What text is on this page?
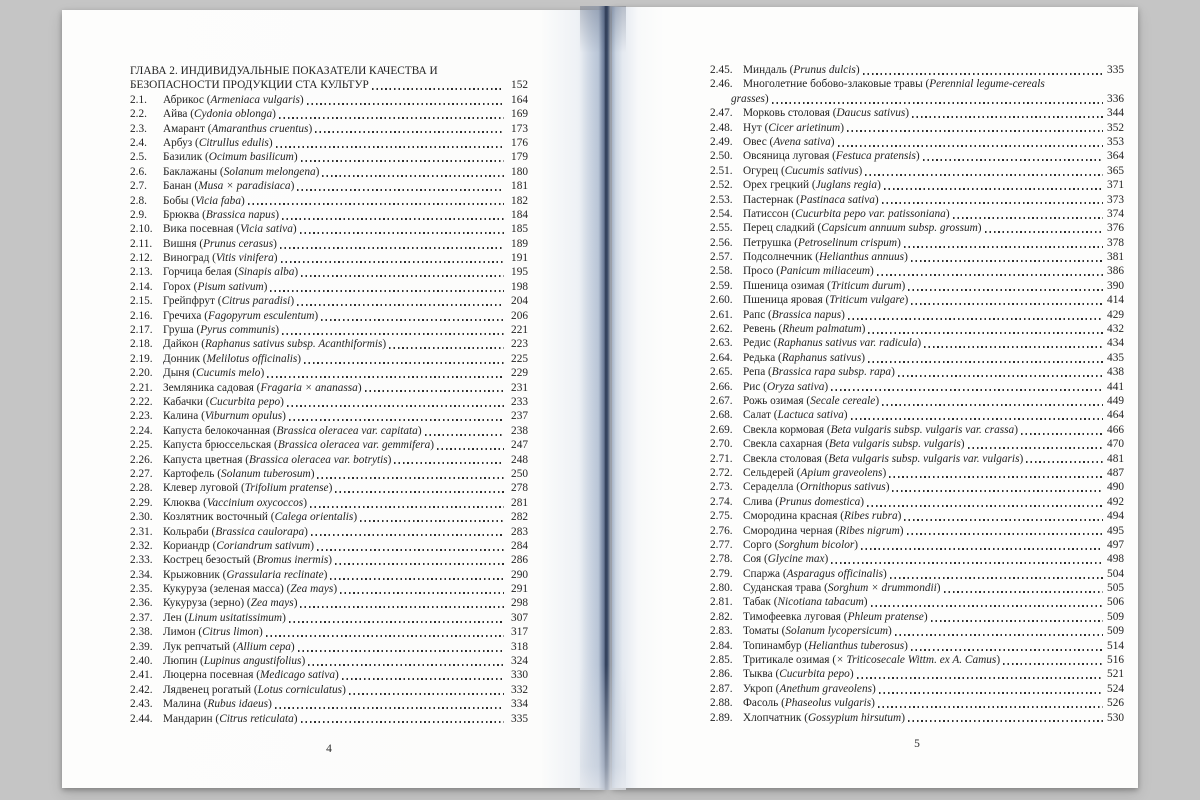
ГЛАВА 2. ИНДИВИДУАЛЬНЫЕ ПОКАЗАТЕЛИ КАЧЕСТВА И
БЕЗОПАСНОСТИ ПРОДУКЦИИ СТА КУЛЬТУР	152
2.1.	Абрикос (Armeniaca vulgaris)	164
2.2.	Айва (Cydonia oblonga)	169
2.3.	Амарант (Amaranthus cruentus)	173
2.4.	Арбуз (Citrullus edulis)	176
2.5.	Базилик (Ocimum basilicum)	179
2.6.	Баклажаны (Solanum melongena)	180
2.7.	Банан (Musa × paradisiaca)	181
2.8.	Бобы (Vicia faba)	182
2.9.	Брюква (Brassica napus)	184
2.10. Вика посевная (Vicia sativa)	185
2.11. Вишня (Prunus cerasus)	189
2.12. Виноград (Vitis vinifera)	191
2.13. Горчица белая (Sinapis alba)	195
2.14. Горох (Pisum sativum)	198
2.15. Грейпфрут (Citrus paradisi)	204
2.16. Гречиха (Fagopyrum esculentum)	206
2.17. Груша (Pyrus communis)	221
2.18. Дайкон (Raphanus sativus subsp. Acanthiformis)	223
2.19. Донник (Melilotus officinalis)	225
2.20. Дыня (Cucumis melo)	229
2.21. Земляника садовая (Fragaria × ananassa)	231
2.22. Кабачки (Cucurbita pepo)	233
2.23. Калина (Viburnum opulus)	237
2.24. Капуста белокочанная (Brassica oleracea var. capitata)	238
2.25. Капуста брюссельская (Brassica oleracea var. gemmifera)	247
2.26. Капуста цветная (Brassica oleracea var. botrytis)	248
2.27. Картофель (Solanum tuberosum)	250
2.28. Клевер луговой (Trifolium pratense)	278
2.29. Клюква (Vaccinium oxycoccos)	281
2.30. Козлятник восточный (Calega orientalis)	282
2.31. Кольраби (Brassica caulorapa)	283
2.32. Кориандр (Coriandrum sativum)	284
2.33. Кострец безостый (Bromus inermis)	286
2.34. Крыжовник (Grassularia reclinate)	290
2.35. Кукуруза (зеленая масса) (Zea mays)	291
2.36. Кукуруза (зерно) (Zea mays)	298
2.37. Лен (Linum usitatissimum)	307
2.38. Лимон (Citrus limon)	317
2.39. Лук репчатый (Allium cepa)	318
2.40. Люпин (Lupinus angustifolius)	324
2.41. Люцерна посевная (Medicago sativa)	330
2.42. Лядвенец рогатый (Lotus corniculatus)	332
2.43. Малина (Rubus idaeus)	334
2.44. Мандарин (Citrus reticulata)	335
4
2.45. Миндаль (Prunus dulcis)	335
2.46. Многолетние бобово-злаковые травы (Perennial legume-cereals
grasses)	336
2.47. Морковь столовая (Daucus sativus)	344
2.48. Нут (Cicer arietinum)	352
2.49. Овес (Avena sativa)	353
2.50. Овсяница луговая (Festuca pratensis)	364
2.51. Огурец (Cucumis sativus)	365
2.52. Орех грецкий (Juglans regia)	371
2.53. Пастернак (Pastinaca sativa)	373
2.54. Патиссон (Cucurbita pepo var. patissoniana)	374
2.55. Перец сладкий (Capsicum annuum subsp. grossum)	376
2.56. Петрушка (Petroselinum crispum)	378
2.57. Подсолнечник (Helianthus annuus)	381
2.58. Просо (Panicum miliaceum)	386
2.59. Пшеница озимая (Triticum durum)	390
2.60. Пшеница яровая (Triticum vulgare)	414
2.61. Рапс (Brassica napus)	429
2.62. Ревень (Rheum palmatum)	432
2.63. Редис (Raphanus sativus var. radicula)	434
2.64. Редька (Raphanus sativus)	435
2.65. Репа (Brassica rapa subsp. rapa)	438
2.66. Рис (Oryza sativa)	441
2.67. Рожь озимая (Secale cereale)	449
2.68. Салат (Lactuca sativa)	464
2.69. Свекла кормовая (Beta vulgaris subsp. vulgaris var. crassa)	466
2.70. Свекла сахарная (Beta vulgaris subsp. vulgaris)	470
2.71. Свекла столовая (Beta vulgaris subsp. vulgaris var. vulgaris)	481
2.72. Сельдерей (Apium graveolens)	487
2.73. Сераделла (Ornithopus sativus)	490
2.74. Слива (Prunus domestica)	492
2.75. Смородина красная (Ribes rubra)	494
2.76. Смородина черная (Ribes nigrum)	495
2.77. Сорго (Sorghum bicolor)	497
2.78. Соя (Glycine max)	498
2.79. Спаржа (Asparagus officinalis)	504
2.80. Суданская трава (Sorghum × drummondii)	505
2.81. Табак (Nicotiana tabacum)	506
2.82. Тимофеевка луговая (Phleum pratense)	509
2.83. Томаты (Solanum lycopersicum)	509
2.84. Топинамбур (Helianthus tuberosus)	514
2.85. Тритикале озимая (× Triticosecale Wittm. ex A. Camus)	516
2.86. Тыква (Cucurbita pepo)	521
2.87. Укроп (Anethum graveolens)	524
2.88. Фасоль (Phaseolus vulgaris)	526
2.89. Хлопчатник (Gossypium hirsutum)	530
5
